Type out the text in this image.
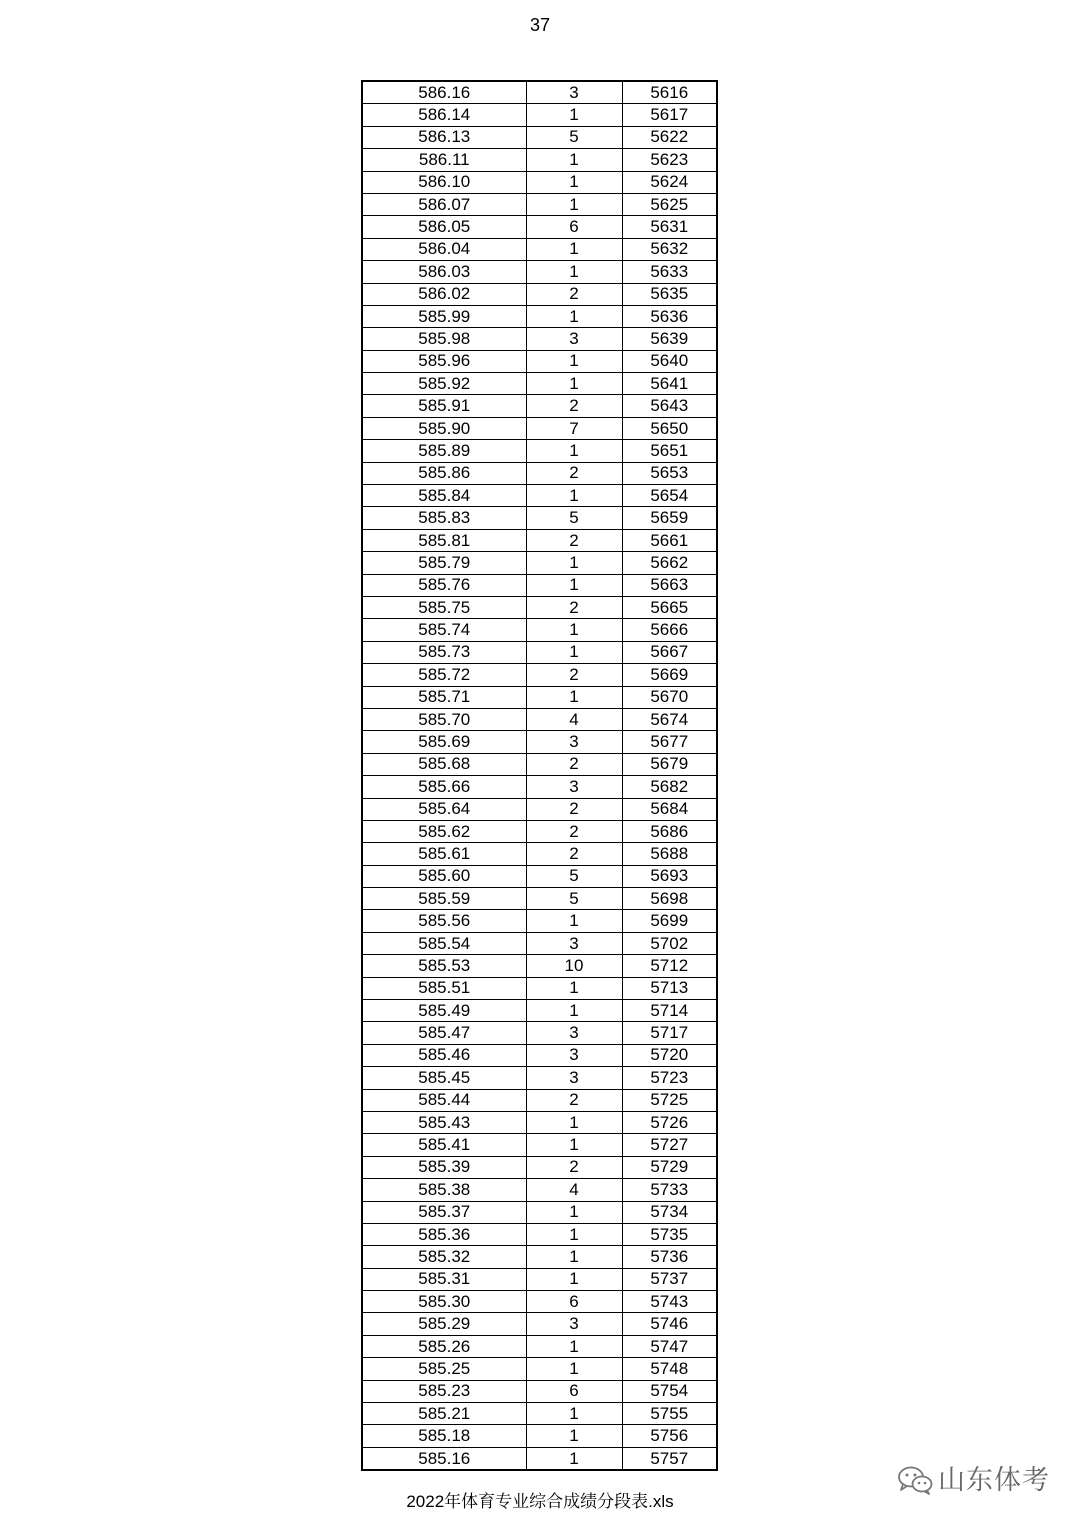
37
586.16	3	5616
586.14	1	5617
586.13	5	5622
586.11	1	5623
586.10	1	5624
586.07	1	5625
586.05	6	5631
586.04	1	5632
586.03	1	5633
586.02	2	5635
585.99	1	5636
585.98	3	5639
585.96	1	5640
585.92	1	5641
585.91	2	5643
585.90	7	5650
585.89	1	5651
585.86	2	5653
585.84	1	5654
585.83	5	5659
585.81	2	5661
585.79	1	5662
585.76	1	5663
585.75	2	5665
585.74	1	5666
585.73	1	5667
585.72	2	5669
585.71	1	5670
585.70	4	5674
585.69	3	5677
585.68	2	5679
585.66	3	5682
585.64	2	5684
585.62	2	5686
585.61	2	5688
585.60	5	5693
585.59	5	5698
585.56	1	5699
585.54	3	5702
585.53	10	5712
585.51	1	5713
585.49	1	5714
585.47	3	5717
585.46	3	5720
585.45	3	5723
585.44	2	5725
585.43	1	5726
585.41	1	5727
585.39	2	5729
585.38	4	5733
585.37	1	5734
585.36	1	5735
585.32	1	5736
585.31	1	5737
585.30	6	5743
585.29	3	5746
585.26	1	5747
585.25	1	5748
585.23	6	5754
585.21	1	5755
585.18	1	5756
585.16	1	5757
2022年体育专业综合成绩分段表.xls
山东体考
